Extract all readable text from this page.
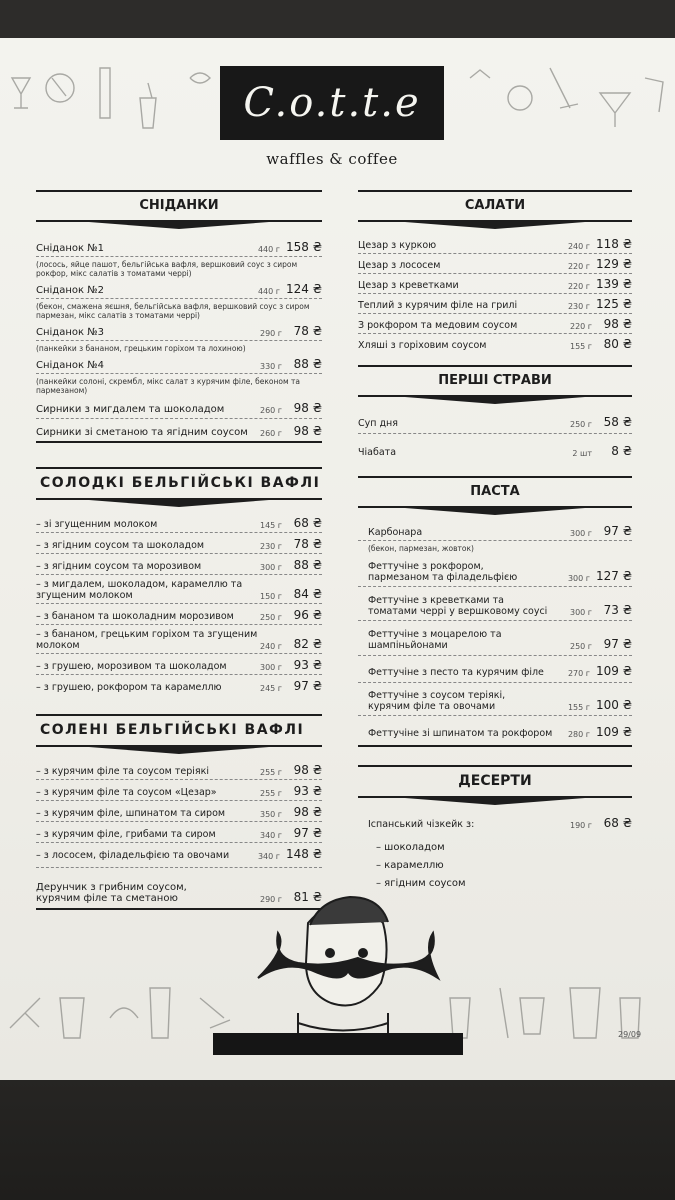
C.o.t.t.e
waffles & coffee
СНІДАНКИ
Сніданок №1	440 г 158 ₴
(лосось, яйце пашот, бельгійська вафля, вершковий соус з сиром рокфор, мікс салатів з томатами черрі)
Сніданок №2	440 г 124 ₴
(бекон, смажена яєшня, бельгійська вафля, вершковий соус з сиром пармезан, мікс салатів з томатами черрі)
Сніданок №3	290 г 78 ₴
(панкейки з бананом, грецьким горіхом та лохиною)
Сніданок №4	330 г 88 ₴
(панкейки солоні, скрембл, мікс салат з курячим філе, беконом та пармезаном)
Сирники з мигдалем та шоколадом	260 г 98 ₴
Сирники зі сметаною та ягідним соусом	260 г 98 ₴
СОЛОДКІ БЕЛЬГІЙСЬКІ ВАФЛІ
– зі згущенним молоком	145 г 68 ₴
– з ягідним соусом та шоколадом	230 г 78 ₴
– з ягідним соусом та морозивом	300 г 88 ₴
– з мигдалем, шоколадом, карамеллю та згущеним молоком	150 г 84 ₴
– з бананом та шоколадним морозивом	250 г 96 ₴
– з бананом, грецьким горіхом та згущеним молоком	240 г 82 ₴
– з грушею, морозивом та шоколадом	300 г 93 ₴
– з грушею, рокфором та карамеллю	245 г 97 ₴
СОЛЕНІ БЕЛЬГІЙСЬКІ ВАФЛІ
– з курячим філе та соусом теріякі	255 г 98 ₴
– з курячим філе та соусом «Цезар»	255 г 93 ₴
– з курячим філе, шпинатом та сиром	350 г 98 ₴
– з курячим філе, грибами та сиром	340 г 97 ₴
– з лососем, філадельфією та овочами	340 г 148 ₴
Дерунчик з грибним соусом, курячим філе та сметаною	290 г 81 ₴
САЛАТИ
Цезар з куркою	240 г 118 ₴
Цезар з лососем	220 г 129 ₴
Цезар з креветками	220 г 139 ₴
Теплий з курячим філе на грилі	230 г 125 ₴
З рокфором та медовим соусом	220 г 98 ₴
Хляші з горіховим соусом	155 г 80 ₴
ПЕРШІ СТРАВИ
Суп дня	250 г 58 ₴
Чіабата	2 шт	8 ₴
ПАСТА
Карбонара	300 г 97 ₴
(бекон, пармезан, жовток)
Феттучіне з рокфором, пармезаном та філадельфією	300 г 127 ₴
Феттучіне з креветками та томатами черрі у вершковому соусі	300 г 73 ₴
Феттучіне з моцарелою та шампіньйонами	250 г 97 ₴
Феттучіне з песто та курячим філе	270 г 109 ₴
Феттучіне з соусом теріякі, курячим філе та овочами	155 г 100 ₴
Феттучіне зі шпинатом та рокфором	280 г 109 ₴
ДЕСЕРТИ
Іспанський чізкейк з:	190 г 68 ₴
– шоколадом
– карамеллю
– ягідним соусом
29/09
